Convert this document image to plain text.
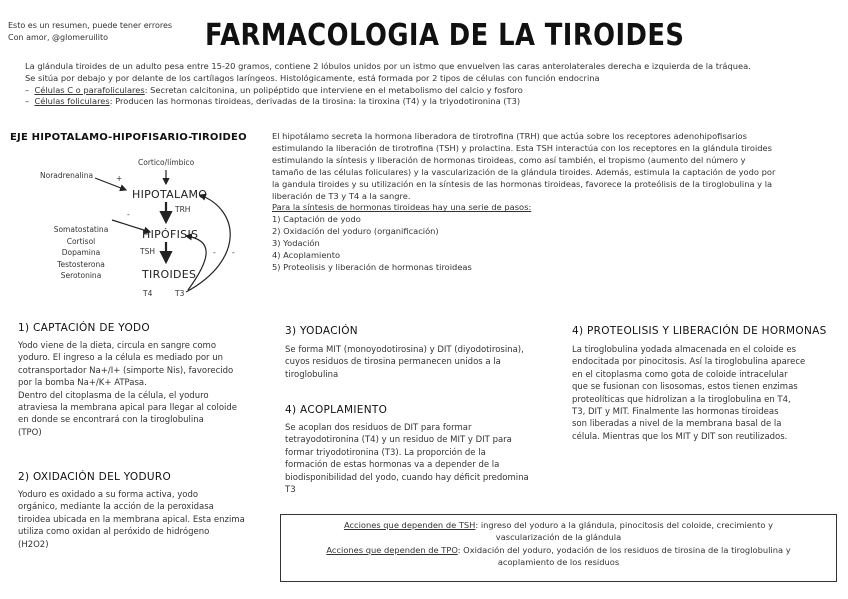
Esto es un resumen, puede tener errores
Con amor, @glomeruilito	FARMACOLOGIA DE LA TIROIDES
La glándula tiroides de un adulto pesa entre 15-20 gramos, contiene 2 lóbulos unidos por un istmo que envuelven las caras anterolaterales derecha e izquierda de la tráquea.
Se sitúa por debajo y por delante de los cartílagos laríngeos. Histológicamente, está formada por 2 tipos de células con función endocrina
–  Células C o parafoliculares: Secretan calcitonina, un polipéptido que interviene en el metabolismo del calcio y fosforo
–  Células foliculares: Producen las hormonas tiroideas, derivadas de la tirosina: la tiroxina (T4) y la triyodotironina (T3)
EJE HIPOTALAMO-HIPOFISARIO-TIROIDEO
Cortico/límbico
Noradrenalina	+
HIPOTALAMO
TRH
-
HIPÓFISIS
TSH
TIROIDES
T4	T3
- -
Somatostatina
Cortisol
Dopamina
Testosterona
Serotonina
El hipotálamo secreta la hormona liberadora de tirotrofina (TRH) que actúa sobre los receptores adenohipofisarios
estimulando la liberación de tirotrofina (TSH) y prolactina. Esta TSH interactúa con los receptores en la glándula tiroides
estimulando la síntesis y liberación de hormonas tiroideas, como así también, el tropismo (aumento del número y
tamaño de las células foliculares) y la vascularización de la glándula tiroides. Además, estimula la captación de yodo por
la gandula tiroides y su utilización en la síntesis de las hormonas tiroideas, favorece la proteólisis de la tiroglobulina y la
liberación de T3 y T4 a la sangre.
Para la síntesis de hormonas tiroideas hay una serie de pasos:
1) Captación de yodo
2) Oxidación del yoduro (organificación)
3) Yodación
4) Acoplamiento
5) Proteolisis y liberación de hormonas tiroideas
1) CAPTACIÓN DE YODO
Yodo viene de la dieta, circula en sangre como
yoduro. El ingreso a la célula es mediado por un
cotransportador Na+/I+ (simporte Nis), favorecido
por la bomba Na+/K+ ATPasa.
Dentro del citoplasma de la célula, el yoduro
atraviesa la membrana apical para llegar al coloide
en donde se encontrará con la tiroglobulina
(TPO)
2) OXIDACIÓN DEL YODURO
Yoduro es oxidado a su forma activa, yodo
orgánico, mediante la acción de la peroxidasa
tiroidea ubicada en la membrana apical. Esta enzima
utiliza como oxidan al peróxido de hidrógeno
(H2O2)
3) YODACIÓN
Se forma MIT (monoyodotirosina) y DIT (diyodotirosina),
cuyos residuos de tirosina permanecen unidos a la
tiroglobulina
4) ACOPLAMIENTO
Se acoplan dos residuos de DIT para formar
tetrayodotironina (T4) y un residuo de MIT y DIT para
formar triyodotironina (T3). La proporción de la
formación de estas hormonas va a depender de la
biodisponibilidad del yodo, cuando hay déficit predomina
T3
4) PROTEOLISIS Y LIBERACIÓN DE HORMONAS
La tiroglobulina yodada almacenada en el coloide es
endocitada por pinocitosis. Así la tiroglobulina aparece
en el citoplasma como gota de coloide intracelular
que se fusionan con lisosomas, estos tienen enzimas
proteolíticas que hidrolizan a la tiroglobulina en T4,
T3, DIT y MIT. Finalmente las hormonas tiroideas
son liberadas a nivel de la membrana basal de la
célula. Mientras que los MIT y DIT son reutilizados.
Acciones que dependen de TSH: ingreso del yoduro a la glándula, pinocitosis del coloide, crecimiento y
vascularización de la glándula
Acciones que dependen de TPO: Oxidación del yoduro, yodación de los residuos de tirosina de la tiroglobulina y
acoplamiento de los residuos
